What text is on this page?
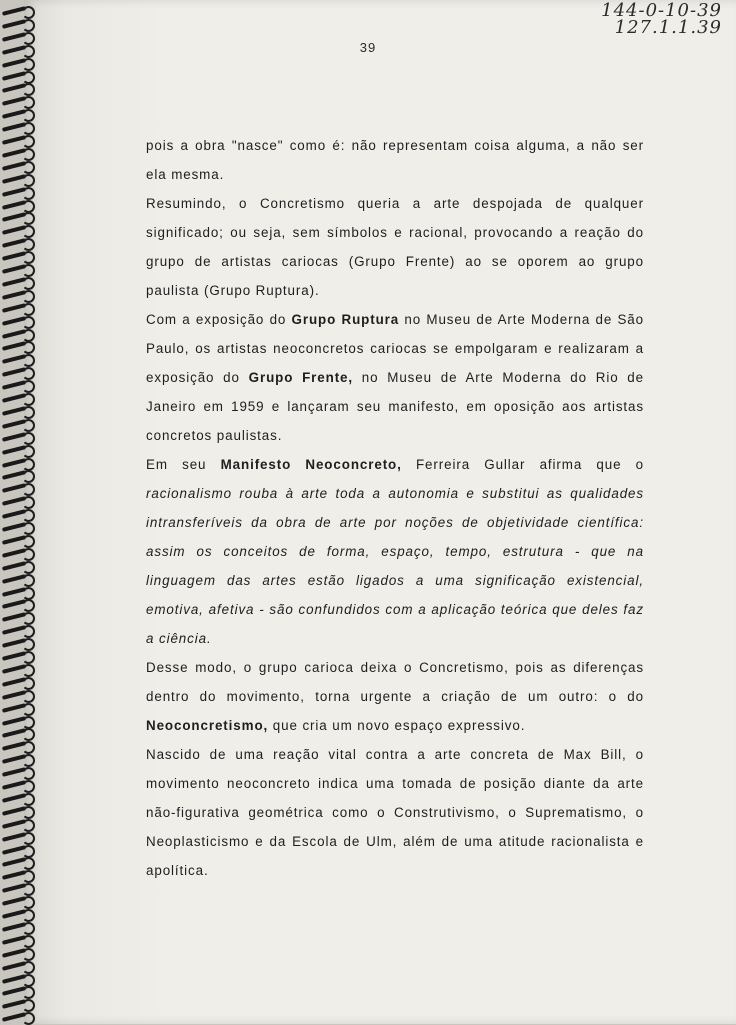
144-0-10-39
127.1.1.39
39

pois a obra "nasce" como é: não representam coisa alguma, a não ser ela mesma.

Resumindo, o Concretismo queria a arte despojada de qualquer significado; ou seja, sem símbolos e racional, provocando a reação do grupo de artistas cariocas (Grupo Frente) ao se oporem ao grupo paulista (Grupo Ruptura).

Com a exposição do Grupo Ruptura no Museu de Arte Moderna de São Paulo, os artistas neoconcretos cariocas se empolgaram e realizaram a exposição do Grupo Frente, no Museu de Arte Moderna do Rio de Janeiro em 1959 e lançaram seu manifesto, em oposição aos artistas concretos paulistas.

Em seu Manifesto Neoconcreto, Ferreira Gullar afirma que o racionalismo rouba à arte toda a autonomia e substitui as qualidades intransferíveis da obra de arte por noções de objetividade científica: assim os conceitos de forma, espaço, tempo, estrutura - que na linguagem das artes estão ligados a uma significação existencial, emotiva, afetiva - são confundidos com a aplicação teórica que deles faz a ciência.

Desse modo, o grupo carioca deixa o Concretismo, pois as diferenças dentro do movimento, torna urgente a criação de um outro: o do Neoconcretismo, que cria um novo espaço expressivo.

Nascido de uma reação vital contra a arte concreta de Max Bill, o movimento neoconcreto indica uma tomada de posição diante da arte não-figurativa geométrica como o Construtivismo, o Suprematismo, o Neoplasticismo e da Escola de Ulm, além de uma atitude racionalista e apolítica.
